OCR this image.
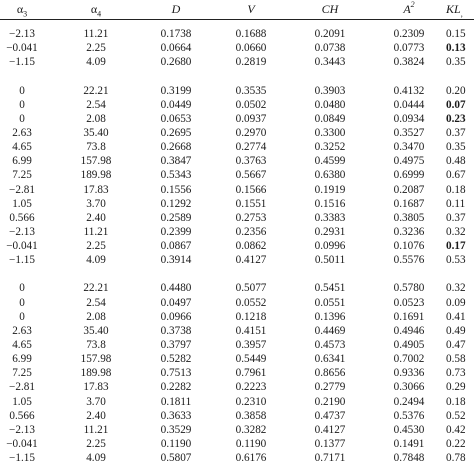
$\alpha_3$	$\alpha_4$	D	V	CH	$A^2$	$KL_,$
−2.13	11.21	0.1738	0.1688	0.2091	0.2309	0.15
−0.041	2.25	0.0664	0.0660	0.0738	0.0773	0.13
−1.15	4.09	0.2680	0.2819	0.3443	0.3824	0.35
0	22.21	0.3199	0.3535	0.3903	0.4132	0.20
0	2.54	0.0449	0.0502	0.0480	0.0444	0.07
0	2.08	0.0653	0.0937	0.0849	0.0934	0.23
2.63	35.40	0.2695	0.2970	0.3300	0.3527	0.37
4.65	73.8	0.2668	0.2774	0.3252	0.3470	0.35
6.99	157.98	0.3847	0.3763	0.4599	0.4975	0.48
7.25	189.98	0.5343	0.5667	0.6380	0.6999	0.67
−2.81	17.83	0.1556	0.1566	0.1919	0.2087	0.18
1.05	3.70	0.1292	0.1551	0.1516	0.1687	0.11
0.566	2.40	0.2589	0.2753	0.3383	0.3805	0.37
−2.13	11.21	0.2399	0.2356	0.2931	0.3236	0.32
−0.041	2.25	0.0867	0.0862	0.0996	0.1076	0.17
−1.15	4.09	0.3914	0.4127	0.5011	0.5576	0.53
0	22.21	0.4480	0.5077	0.5451	0.5780	0.32
0	2.54	0.0497	0.0552	0.0551	0.0523	0.09
0	2.08	0.0966	0.1218	0.1396	0.1691	0.41
2.63	35.40	0.3738	0.4151	0.4469	0.4946	0.49
4.65	73.8	0.3797	0.3957	0.4573	0.4905	0.47
6.99	157.98	0.5282	0.5449	0.6341	0.7002	0.58
7.25	189.98	0.7513	0.7961	0.8656	0.9336	0.73
−2.81	17.83	0.2282	0.2223	0.2779	0.3066	0.29
1.05	3.70	0.1811	0.2310	0.2190	0.2494	0.18
0.566	2.40	0.3633	0.3858	0.4737	0.5376	0.52
−2.13	11.21	0.3529	0.3282	0.4127	0.4530	0.42
−0.041	2.25	0.1190	0.1190	0.1377	0.1491	0.22
−1.15	4.09	0.5807	0.6176	0.7171	0.7848	0.78
